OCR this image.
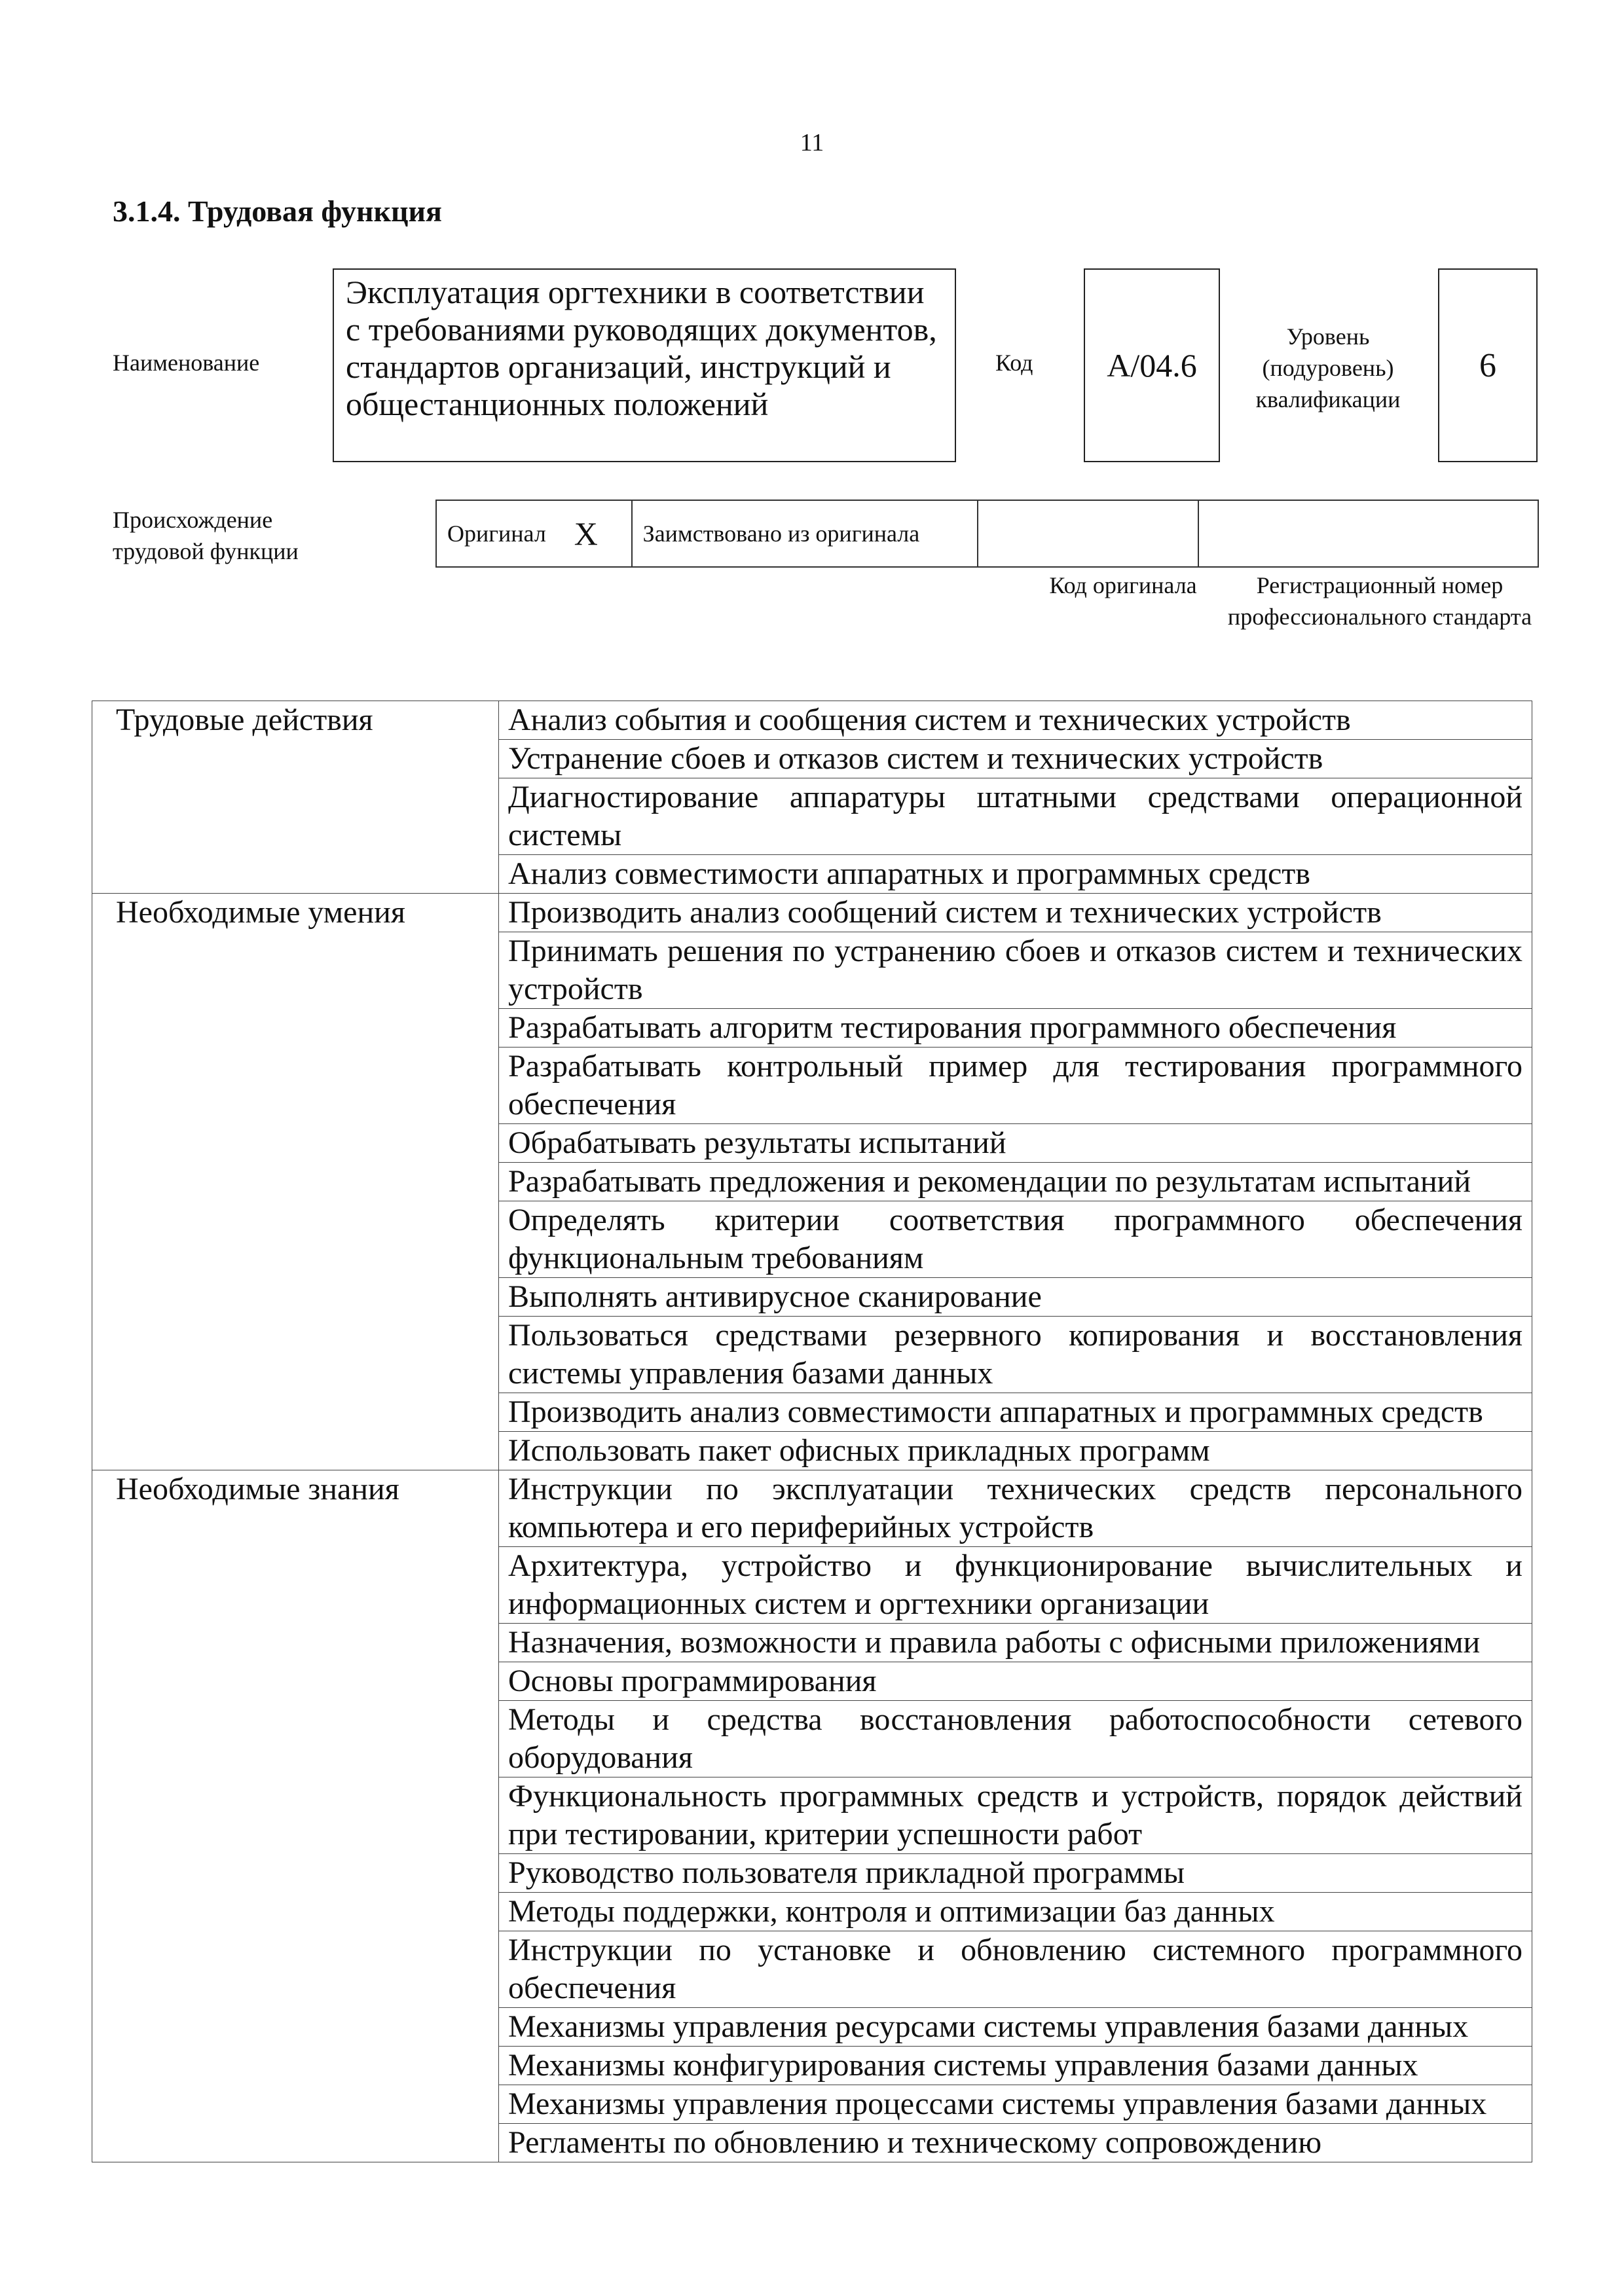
11
3.1.4. Трудовая функция
Наименование
Эксплуатация оргтехники в соответствии с требованиями руководящих документов, стандартов организаций, инструкций и общестанционных положений
Код A/04.6
Уровень (подуровень) квалификации
6
Происхождение трудовой функции
Оригинал	X	Заимствовано из оригинала		
Код оригинала	Регистрационный номер профессионального стандарта
Трудовые действия	Анализ события и сообщения систем и технических устройств
	Устранение сбоев и отказов систем и технических устройств
	Диагностирование аппаратуры штатными средствами операционной системы
	Анализ совместимости аппаратных и программных средств
Необходимые умения	Производить анализ сообщений систем и технических устройств
	Принимать решения по устранению сбоев и отказов систем и технических устройств
	Разрабатывать алгоритм тестирования программного обеспечения
	Разрабатывать контрольный пример для тестирования программного обеспечения
	Обрабатывать результаты испытаний
	Разрабатывать предложения и рекомендации по результатам испытаний
	Определять критерии соответствия программного обеспечения функциональным требованиям
	Выполнять антивирусное сканирование
	Пользоваться средствами резервного копирования и восстановления системы управления базами данных
	Производить анализ совместимости аппаратных и программных средств
	Использовать пакет офисных прикладных программ
Необходимые знания	Инструкции по эксплуатации технических средств персонального компьютера и его периферийных устройств
	Архитектура, устройство и функционирование вычислительных и информационных систем и оргтехники организации
	Назначения, возможности и правила работы с офисными приложениями
	Основы программирования
	Методы и средства восстановления работоспособности сетевого оборудования
	Функциональность программных средств и устройств, порядок действий при тестировании, критерии успешности работ
	Руководство пользователя прикладной программы
	Методы поддержки, контроля и оптимизации баз данных
	Инструкции по установке и обновлению системного программного обеспечения
	Механизмы управления ресурсами системы управления базами данных
	Механизмы конфигурирования системы управления базами данных
	Механизмы управления процессами системы управления базами данных
	Регламенты по обновлению и техническому сопровождению
